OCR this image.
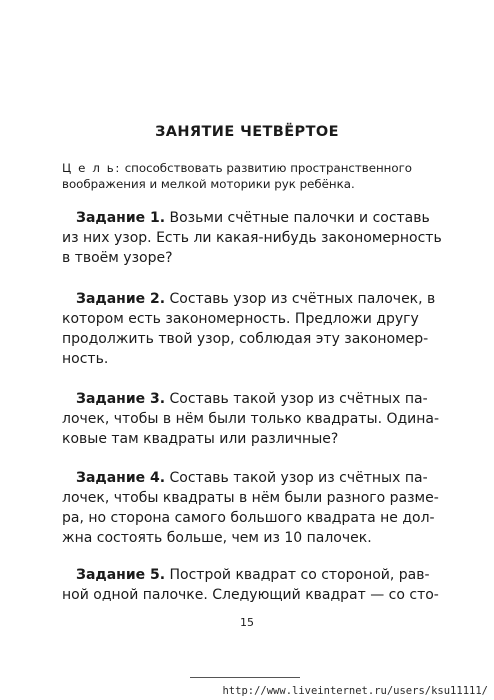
ЗАНЯТИЕ ЧЕТВЁРТОЕ
Ц е л ь: способствовать развитию пространственного
воображения и мелкой моторики рук ребёнка.
Задание 1. Возьми счётные палочки и составь
из них узор. Есть ли какая-нибудь закономерность
в твоём узоре?
Задание 2. Составь узор из счётных палочек, в
котором есть закономерность. Предложи другу
продолжить твой узор, соблюдая эту закономер-
ность.
Задание 3. Составь такой узор из счётных па-
лочек, чтобы в нём были только квадраты. Одина-
ковые там квадраты или различные?
Задание 4. Составь такой узор из счётных па-
лочек, чтобы квадраты в нём были разного разме-
ра, но сторона самого большого квадрата не дол-
жна состоять больше, чем из 10 палочек.
Задание 5. Построй квадрат со стороной, рав-
ной одной палочке. Следующий квадрат — со сто-
15
http://www.liveinternet.ru/users/ksu11111/
